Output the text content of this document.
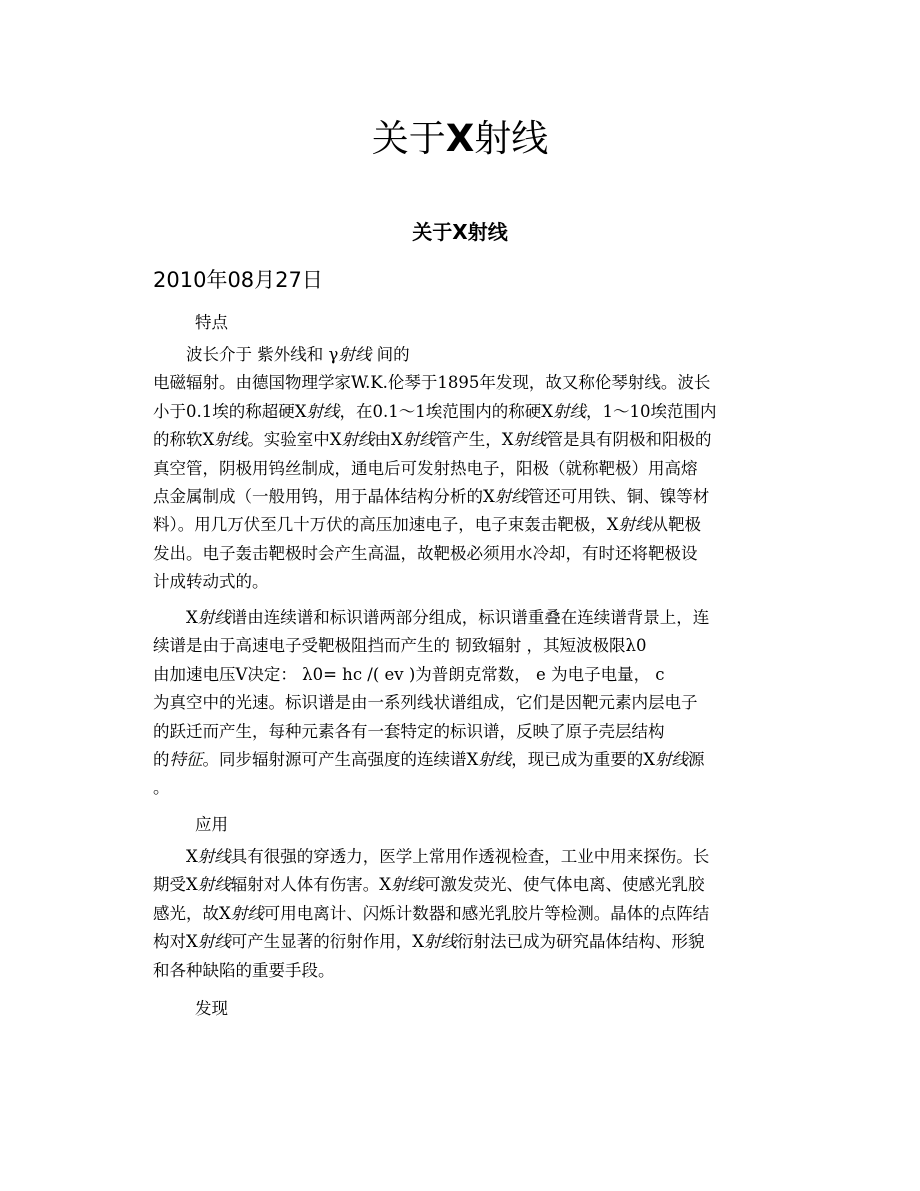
关于X射线
关于X射线
2010年08月27日
特点
　　波长介于 紫外线和 γ射线 间的
电磁辐射。由德国物理学家W.K.伦琴于1895年发现，故又称伦琴射线。波长
小于0.1埃的称超硬X射线，在0.1～1埃范围内的称硬X射线，1～10埃范围内
的称软X射线。实验室中X射线由X射线管产生，X射线管是具有阴极和阳极的
真空管，阴极用钨丝制成，通电后可发射热电子，阳极（就称靶极）用高熔
点金属制成（一般用钨，用于晶体结构分析的X射线管还可用铁、铜、镍等材
料）。用几万伏至几十万伏的高压加速电子，电子束轰击靶极，X射线从靶极
发出。电子轰击靶极时会产生高温，故靶极必须用水冷却，有时还将靶极设
计成转动式的。
　　X射线谱由连续谱和标识谱两部分组成，标识谱重叠在连续谱背景上，连
续谱是由于高速电子受靶极阻挡而产生的 韧致辐射 ，其短波极限λ0
由加速电压V决定： λ0= hc /( ev )为普朗克常数， e 为电子电量， c
为真空中的光速。标识谱是由一系列线状谱组成，它们是因靶元素内层电子
的跃迁而产生，每种元素各有一套特定的标识谱，反映了原子壳层结构
的特征。同步辐射源可产生高强度的连续谱X射线，现已成为重要的X射线源
。
应用
　　X射线具有很强的穿透力，医学上常用作透视检查，工业中用来探伤。长
期受X射线辐射对人体有伤害。X射线可激发荧光、使气体电离、使感光乳胶
感光，故X射线可用电离计、闪烁计数器和感光乳胶片等检测。晶体的点阵结
构对X射线可产生显著的衍射作用，X射线衍射法已成为研究晶体结构、形貌
和各种缺陷的重要手段。
发现
